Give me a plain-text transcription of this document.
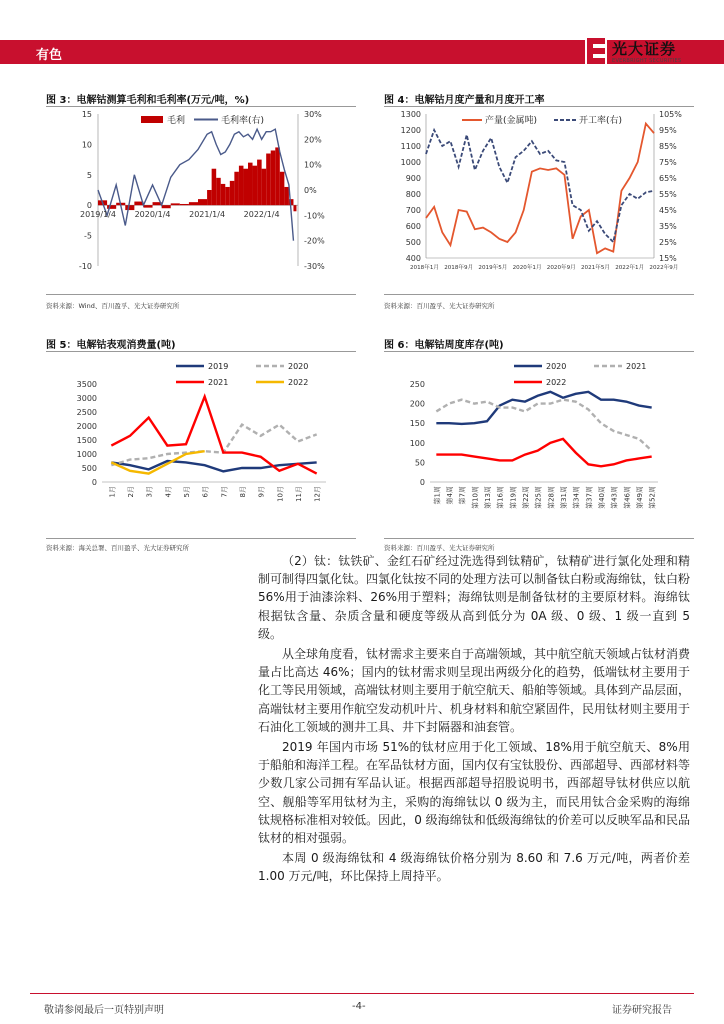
有色	光大证券
EVERBRIGHT SECURITIES
图 3：电解钴测算毛利和毛利率(万元/吨，%)
15
10
5
0
-5
-10
30%
20%
10%
0%
-10%
-20%
-30%
2019/1/4 2020/1/4 2021/1/4 2022/1/4
毛利	毛利率(右)
资料来源：Wind、百川盈孚、光大证券研究所
图 4：电解钴月度产量和月度开工率
1300
1200
1100
1000
900
800
700
600
500
400
105%
95%
85%
75%
65%
55%
45%
35%
25%
15%
2018年1月 2018年9月 2019年5月 2020年1月 2020年9月 2021年5月 2022年1月 2022年9月
产量(金属吨)	开工率(右)
资料来源：百川盈孚、光大证券研究所
图 5：电解钴表观消费量(吨)
3500
3000
2500
2000
1500
1000
500
0
1月 2月 3月 4月 5月 6月 7月 8月 9月 10月 11月 12月
2019	2020
2021	2022
资料来源：海关总署、百川盈孚、光大证券研究所
图 6：电解钴周度库存(吨)
250
200
150
100
50
0
第1周 第4周 第7周 第10周 第13周 第16周 第19周 第22周 第25周 第28周 第31周 第34周 第37周 第40周 第43周 第46周 第49周 第52周
2020	2021
2022
资料来源：百川盈孚、光大证券研究所

（2）钛：钛铁矿、金红石矿经过洗选得到钛精矿，钛精矿进行氯化处理和精制可制得四氯化钛。四氯化钛按不同的处理方法可以制备钛白粉或海绵钛，钛白粉 56%用于油漆涂料、26%用于塑料；海绵钛则是制备钛材的主要原材料。海绵钛根据钛含量、杂质含量和硬度等级从高到低分为 0A 级、0 级、1 级一直到 5 级。

从全球角度看，钛材需求主要来自于高端领域，其中航空航天领域占钛材消费量占比高达 46%；国内的钛材需求则呈现出两级分化的趋势，低端钛材主要用于化工等民用领域，高端钛材则主要用于航空航天、船舶等领域。具体到产品层面，高端钛材主要用作航空发动机叶片、机身材料和航空紧固件，民用钛材则主要用于石油化工领域的测井工具、井下封隔器和油套管。

2019 年国内市场 51%的钛材应用于化工领域、18%用于航空航天、8%用于船舶和海洋工程。在军品钛材方面，国内仅有宝钛股份、西部超导、西部材料等少数几家公司拥有军品认证。根据西部超导招股说明书，西部超导钛材供应以航空、舰船等军用钛材为主，采购的海绵钛以 0 级为主，而民用钛合金采购的海绵钛规格标准相对较低。因此，0 级海绵钛和低级海绵钛的价差可以反映军品和民品钛材的相对强弱。

本周 0 级海绵钛和 4 级海绵钛价格分别为 8.60 和 7.6 万元/吨，两者价差 1.00 万元/吨，环比保持上周持平。

敬请参阅最后一页特别声明	-4-	证券研究报告
